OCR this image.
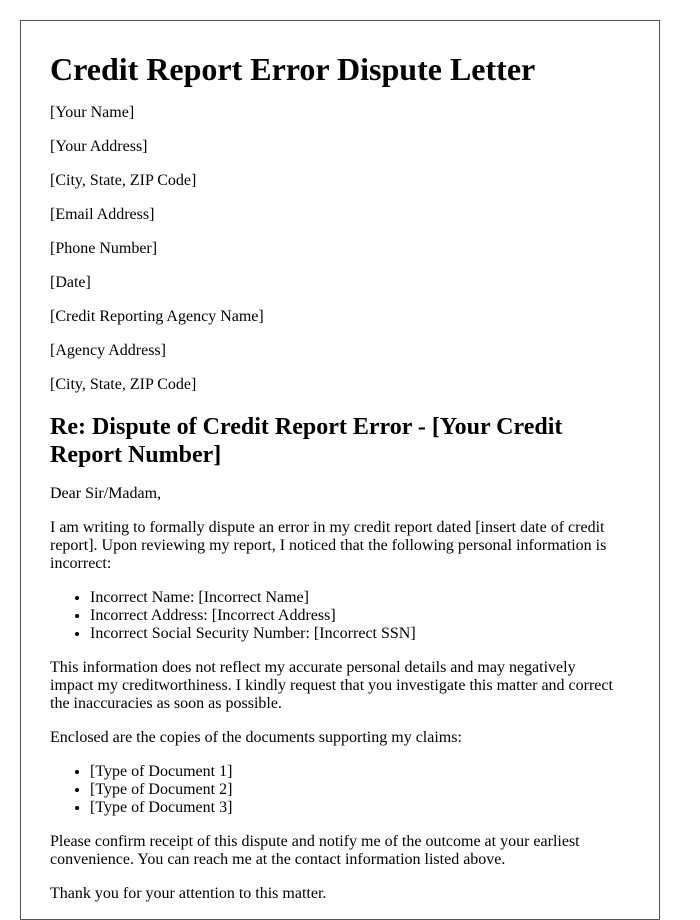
Credit Report Error Dispute Letter

[Your Name]

[Your Address]

[City, State, ZIP Code]

[Email Address]

[Phone Number]

[Date]

[Credit Reporting Agency Name]

[Agency Address]

[City, State, ZIP Code]

Re: Dispute of Credit Report Error - [Your Credit Report Number]

Dear Sir/Madam,

I am writing to formally dispute an error in my credit report dated [insert date of credit report]. Upon reviewing my report, I noticed that the following personal information is incorrect:

• Incorrect Name: [Incorrect Name]
• Incorrect Address: [Incorrect Address]
• Incorrect Social Security Number: [Incorrect SSN]

This information does not reflect my accurate personal details and may negatively impact my creditworthiness. I kindly request that you investigate this matter and correct the inaccuracies as soon as possible.

Enclosed are the copies of the documents supporting my claims:

• [Type of Document 1]
• [Type of Document 2]
• [Type of Document 3]

Please confirm receipt of this dispute and notify me of the outcome at your earliest convenience. You can reach me at the contact information listed above.

Thank you for your attention to this matter.
